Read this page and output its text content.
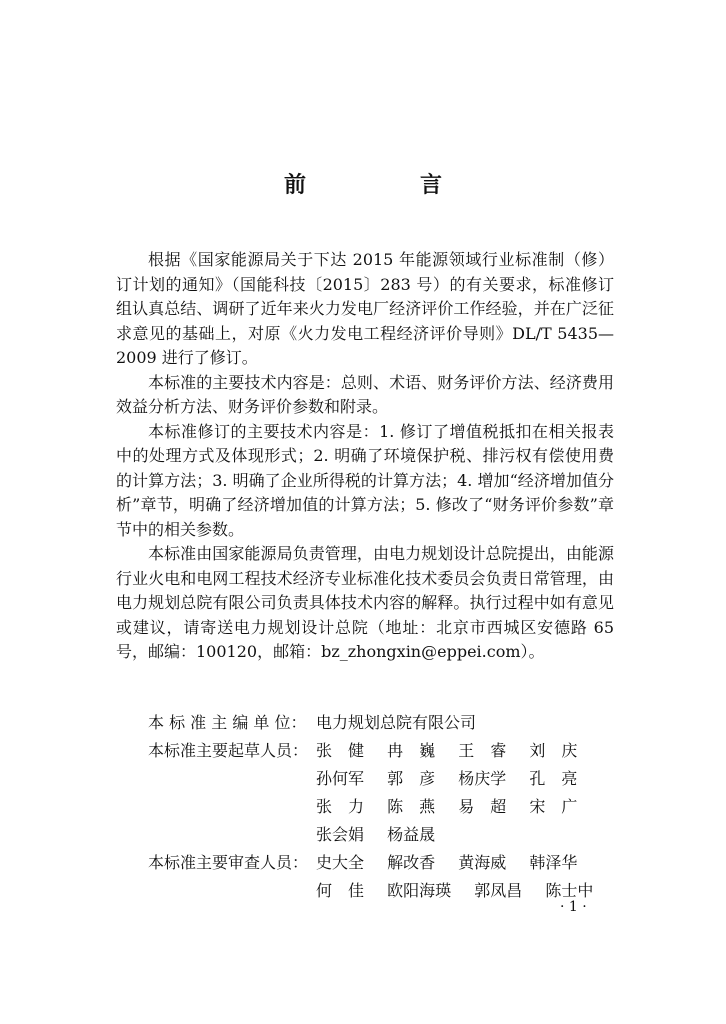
前　言

根据《国家能源局关于下达 2015 年能源领域行业标准制（修）订计划的通知》（国能科技〔2015〕283 号）的有关要求，标准修订组认真总结、调研了近年来火力发电厂经济评价工作经验，并在广泛征求意见的基础上，对原《火力发电工程经济评价导则》DL/T 5435—2009 进行了修订。

本标准的主要技术内容是：总则、术语、财务评价方法、经济费用效益分析方法、财务评价参数和附录。

本标准修订的主要技术内容是：1. 修订了增值税抵扣在相关报表中的处理方式及体现形式；2. 明确了环境保护税、排污权有偿使用费的计算方法；3. 明确了企业所得税的计算方法；4. 增加“经济增加值分析”章节，明确了经济增加值的计算方法；5. 修改了“财务评价参数”章节中的相关参数。

本标准由国家能源局负责管理，由电力规划设计总院提出，由能源行业火电和电网工程技术经济专业标准化技术委员会负责日常管理，由电力规划总院有限公司负责具体技术内容的解释。执行过程中如有意见或建议，请寄送电力规划设计总院（地址：北京市西城区安德路 65 号，邮编：100120，邮箱：bz_zhongxin@eppei.com）。

本 标 准 主 编 单 位： 电力规划总院有限公司
本标准主要起草人员： 张　健 冉　巍 王　睿 刘　庆
孙何军 郭　彦 杨庆学 孔　亮
张　力 陈　燕 易　超 宋　广
张会娟 杨益晟
本标准主要审查人员： 史大全 解改香 黄海威 韩泽华
何　佳 欧阳海瑛 郭凤昌 陈士中
· 1 ·
